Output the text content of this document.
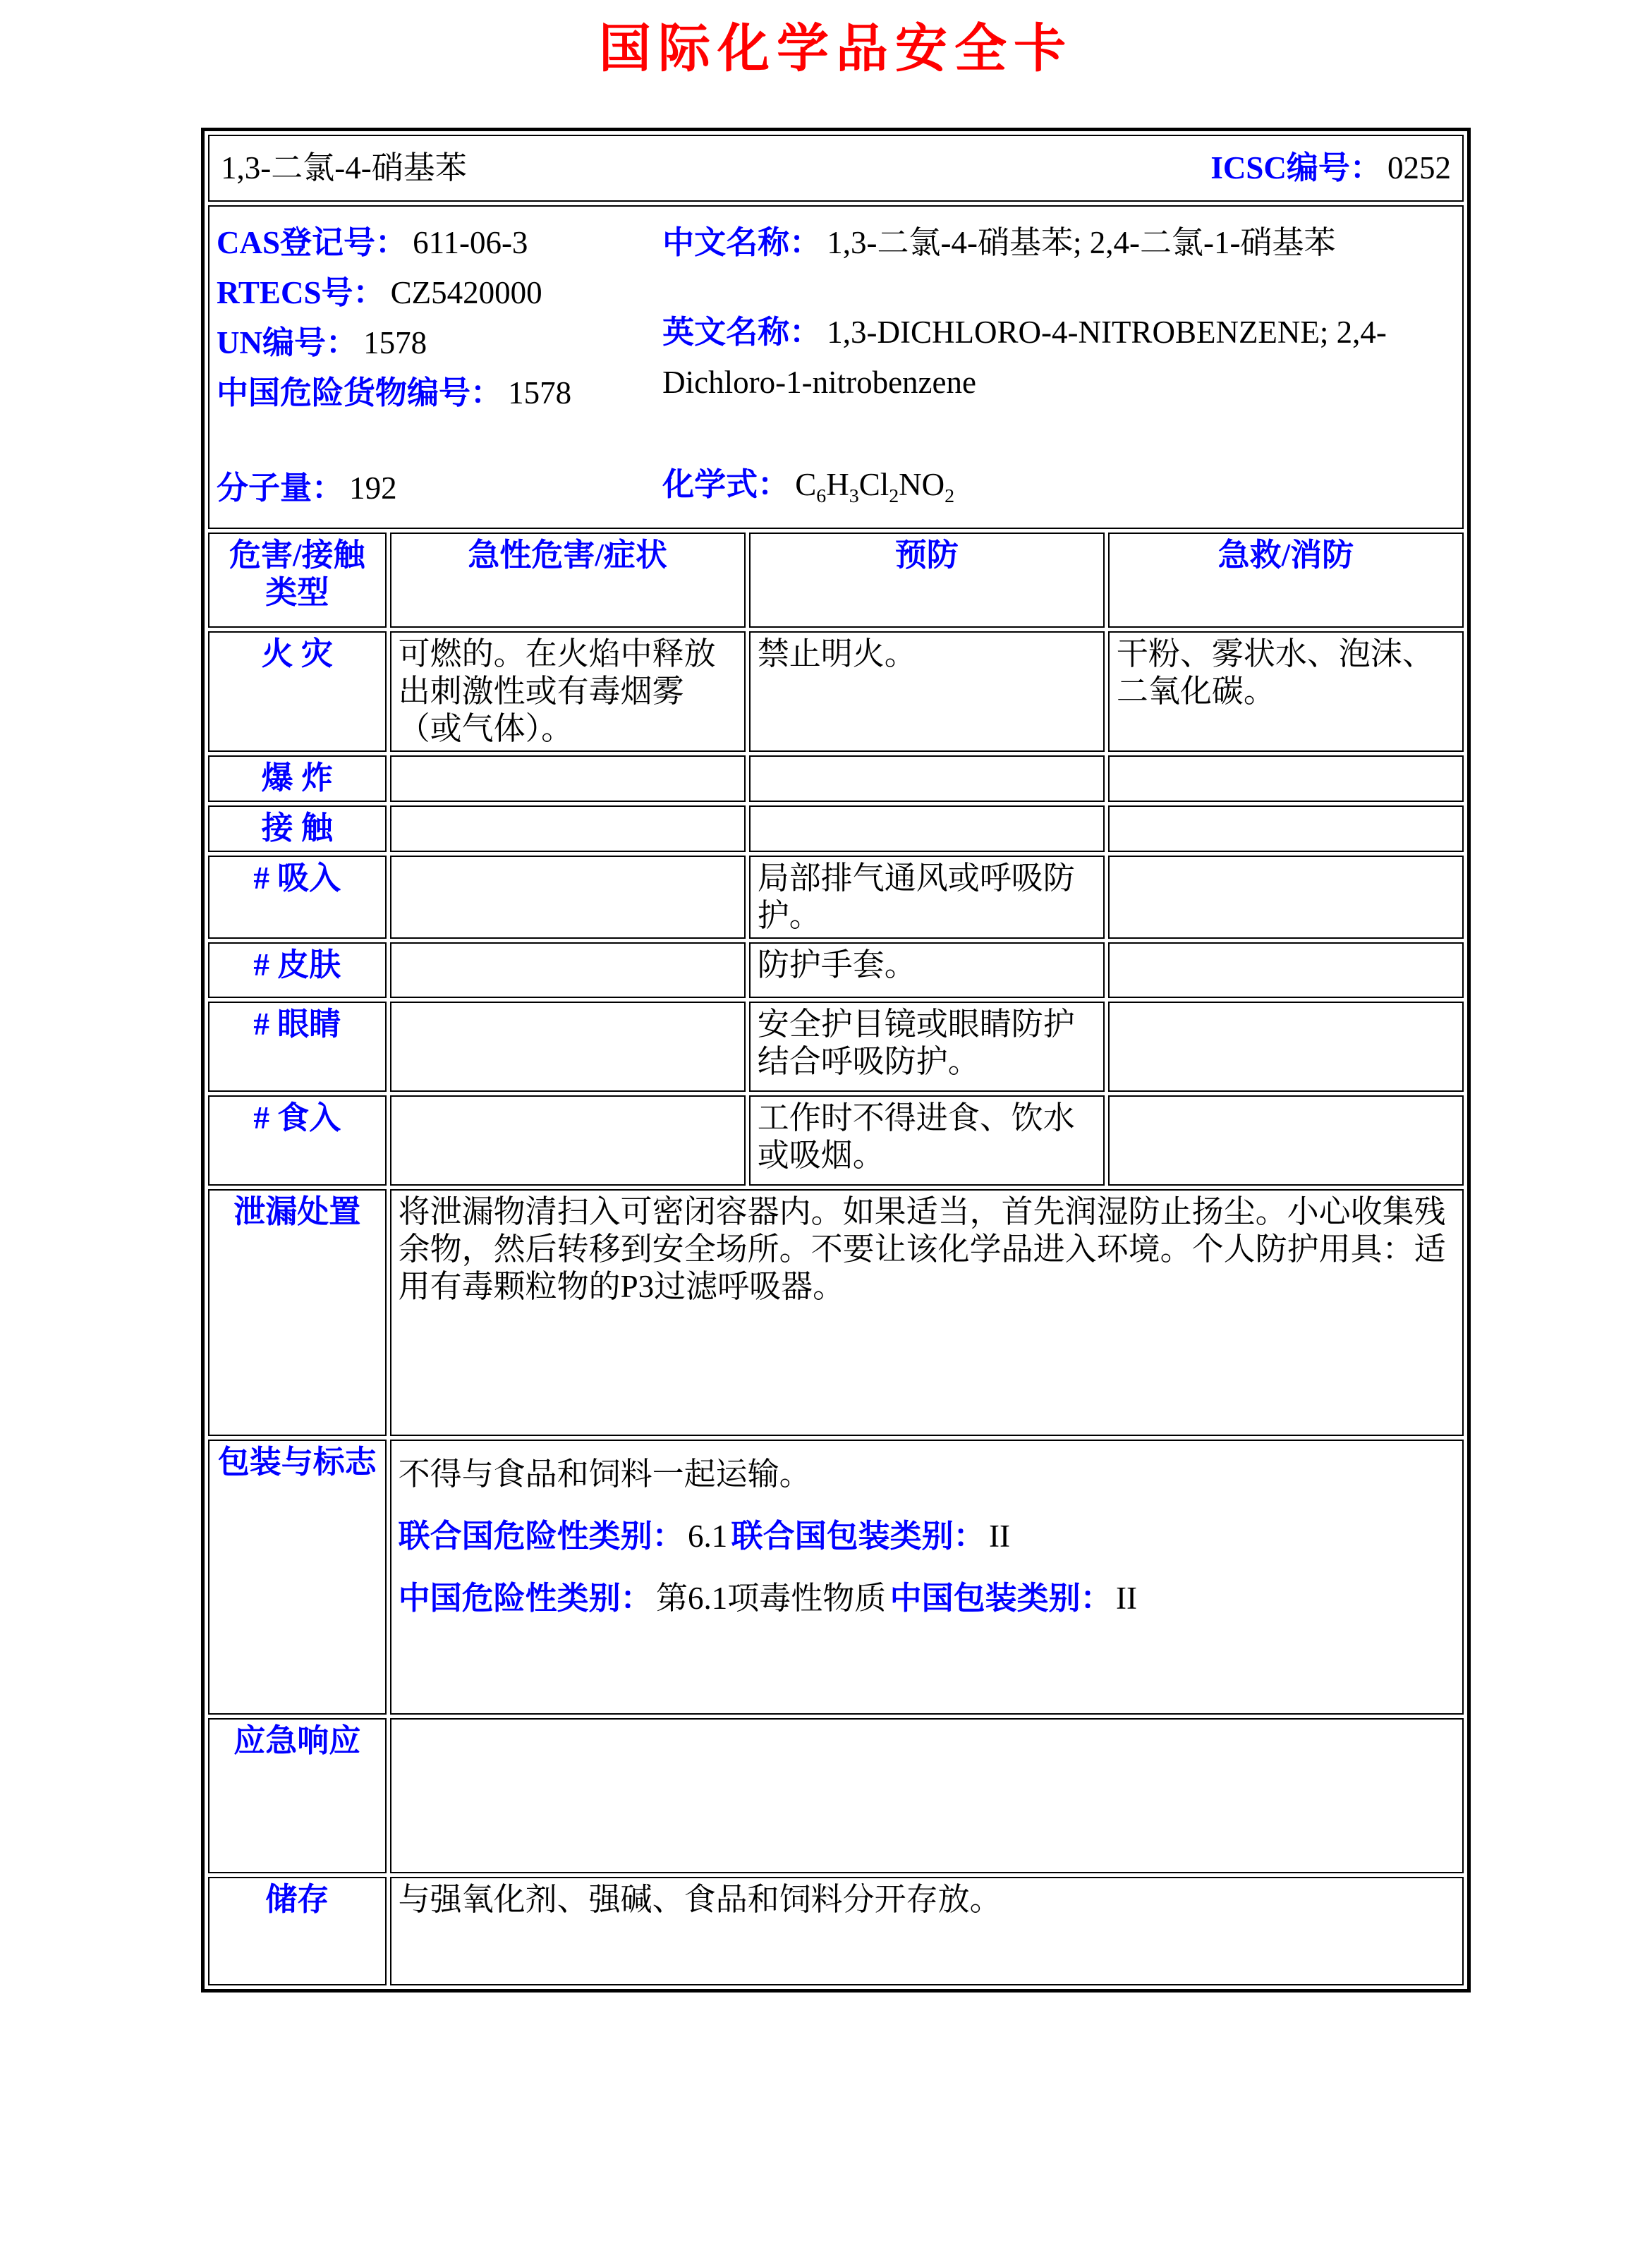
国际化学品安全卡
1,3-二氯-4-硝基苯 ICSC编号： 0252			

CAS登记号： 611-06-3
RTECS号： CZ5420000
UN编号： 1578
中国危险货物编号： 1578
分子量： 192
中文名称： 1,3-二氯-4-硝基苯; 2,4-二氯-1-硝基苯
英文名称： 1,3-DICHLORO-4-NITROBENZENE; 2,4-Dichloro-1-nitrobenzene
化学式： $C_6H_3Cl_2NO_2$

危害/接触类型	急性危害/症状	预防	急救/消防
火 灾	可燃的。在火焰中释放出刺激性或有毒烟雾（或气体）。	禁止明火。	干粉、雾状水、泡沫、二氧化碳。
爆 炸			
接 触			
# 吸入		局部排气通风或呼吸防护。	
# 皮肤		防护手套。	
# 眼睛		安全护目镜或眼睛防护结合呼吸防护。	
# 食入		工作时不得进食、饮水或吸烟。	
泄漏处置	将泄漏物清扫入可密闭容器内。如果适当，首先润湿防止扬尘。小心收集残余物，然后转移到安全场所。不要让该化学品进入环境。个人防护用具：适用有毒颗粒物的P3过滤呼吸器。		
包装与标志	不得与食品和饲料一起运输。
联合国危险性类别： 6.1 联合国包装类别： II
中国危险性类别： 第6.1项毒性物质 中国包装类别： II		

应急响应			
储存	与强氧化剂、强碱、食品和饲料分开存放。		
